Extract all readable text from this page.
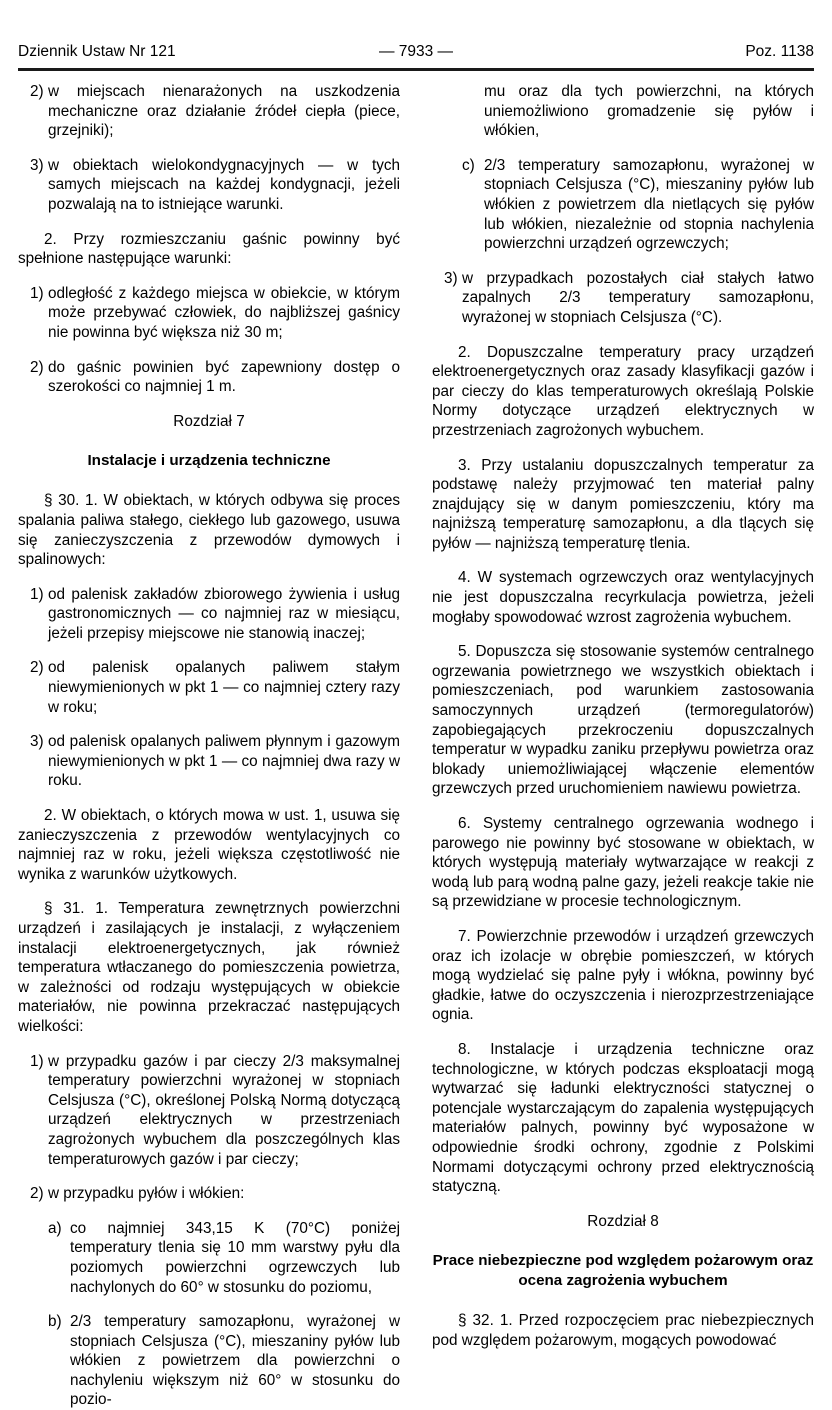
Dziennik Ustaw Nr 121	— 7933 —	Poz. 1138

2) w miejscach nienarażonych na uszkodzenia mechaniczne oraz działanie źródeł ciepła (piece, grzejniki);

3) w obiektach wielokondygnacyjnych — w tych samych miejscach na każdej kondygnacji, jeżeli pozwalają na to istniejące warunki.

2. Przy rozmieszczaniu gaśnic powinny być spełnione następujące warunki:

1) odległość z każdego miejsca w obiekcie, w którym może przebywać człowiek, do najbliższej gaśnicy nie powinna być większa niż 30 m;

2) do gaśnic powinien być zapewniony dostęp o szerokości co najmniej 1 m.

Rozdział 7

Instalacje i urządzenia techniczne

§ 30. 1. W obiektach, w których odbywa się proces spalania paliwa stałego, ciekłego lub gazowego, usuwa się zanieczyszczenia z przewodów dymowych i spalinowych:

1) od palenisk zakładów zbiorowego żywienia i usług gastronomicznych — co najmniej raz w miesiącu, jeżeli przepisy miejscowe nie stanowią inaczej;

2) od palenisk opalanych paliwem stałym niewymienionych w pkt 1 — co najmniej cztery razy w roku;

3) od palenisk opalanych paliwem płynnym i gazowym niewymienionych w pkt 1 — co najmniej dwa razy w roku.

2. W obiektach, o których mowa w ust. 1, usuwa się zanieczyszczenia z przewodów wentylacyjnych co najmniej raz w roku, jeżeli większa częstotliwość nie wynika z warunków użytkowych.

§ 31. 1. Temperatura zewnętrznych powierzchni urządzeń i zasilających je instalacji, z wyłączeniem instalacji elektroenergetycznych, jak również temperatura wtłaczanego do pomieszczenia powietrza, w zależności od rodzaju występujących w obiekcie materiałów, nie powinna przekraczać następujących wielkości:

1) w przypadku gazów i par cieczy 2/3 maksymalnej temperatury powierzchni wyrażonej w stopniach Celsjusza (°C), określonej Polską Normą dotyczącą urządzeń elektrycznych w przestrzeniach zagrożonych wybuchem dla poszczególnych klas temperaturowych gazów i par cieczy;

2) w przypadku pyłów i włókien:

a) co najmniej 343,15 K (70°C) poniżej temperatury tlenia się 10 mm warstwy pyłu dla poziomych powierzchni ogrzewczych lub nachylonych do 60° w stosunku do poziomu,

b) 2/3 temperatury samozapłonu, wyrażonej w stopniach Celsjusza (°C), mieszaniny pyłów lub włókien z powietrzem dla powierzchni o nachyleniu większym niż 60° w stosunku do pozio-

mu oraz dla tych powierzchni, na których uniemożliwiono gromadzenie się pyłów i włókien,

c) 2/3 temperatury samozapłonu, wyrażonej w stopniach Celsjusza (°C), mieszaniny pyłów lub włókien z powietrzem dla nietlących się pyłów lub włókien, niezależnie od stopnia nachylenia powierzchni urządzeń ogrzewczych;

3) w przypadkach pozostałych ciał stałych łatwo zapalnych 2/3 temperatury samozapłonu, wyrażonej w stopniach Celsjusza (°C).

2. Dopuszczalne temperatury pracy urządzeń elektroenergetycznych oraz zasady klasyfikacji gazów i par cieczy do klas temperaturowych określają Polskie Normy dotyczące urządzeń elektrycznych w przestrzeniach zagrożonych wybuchem.

3. Przy ustalaniu dopuszczalnych temperatur za podstawę należy przyjmować ten materiał palny znajdujący się w danym pomieszczeniu, który ma najniższą temperaturę samozapłonu, a dla tlących się pyłów — najniższą temperaturę tlenia.

4. W systemach ogrzewczych oraz wentylacyjnych nie jest dopuszczalna recyrkulacja powietrza, jeżeli mogłaby spowodować wzrost zagrożenia wybuchem.

5. Dopuszcza się stosowanie systemów centralnego ogrzewania powietrznego we wszystkich obiektach i pomieszczeniach, pod warunkiem zastosowania samoczynnych urządzeń (termoregulatorów) zapobiegających przekroczeniu dopuszczalnych temperatur w wypadku zaniku przepływu powietrza oraz blokady uniemożliwiającej włączenie elementów grzewczych przed uruchomieniem nawiewu powietrza.

6. Systemy centralnego ogrzewania wodnego i parowego nie powinny być stosowane w obiektach, w których występują materiały wytwarzające w reakcji z wodą lub parą wodną palne gazy, jeżeli reakcje takie nie są przewidziane w procesie technologicznym.

7. Powierzchnie przewodów i urządzeń grzewczych oraz ich izolacje w obrębie pomieszczeń, w których mogą wydzielać się palne pyły i włókna, powinny być gładkie, łatwe do oczyszczenia i nierozprzestrzeniające ognia.

8. Instalacje i urządzenia techniczne oraz technologiczne, w których podczas eksploatacji mogą wytwarzać się ładunki elektryczności statycznej o potencjale wystarczającym do zapalenia występujących materiałów palnych, powinny być wyposażone w odpowiednie środki ochrony, zgodnie z Polskimi Normami dotyczącymi ochrony przed elektrycznością statyczną.

Rozdział 8

Prace niebezpieczne pod względem pożarowym oraz ocena zagrożenia wybuchem

§ 32. 1. Przed rozpoczęciem prac niebezpiecznych pod względem pożarowym, mogących powodować
